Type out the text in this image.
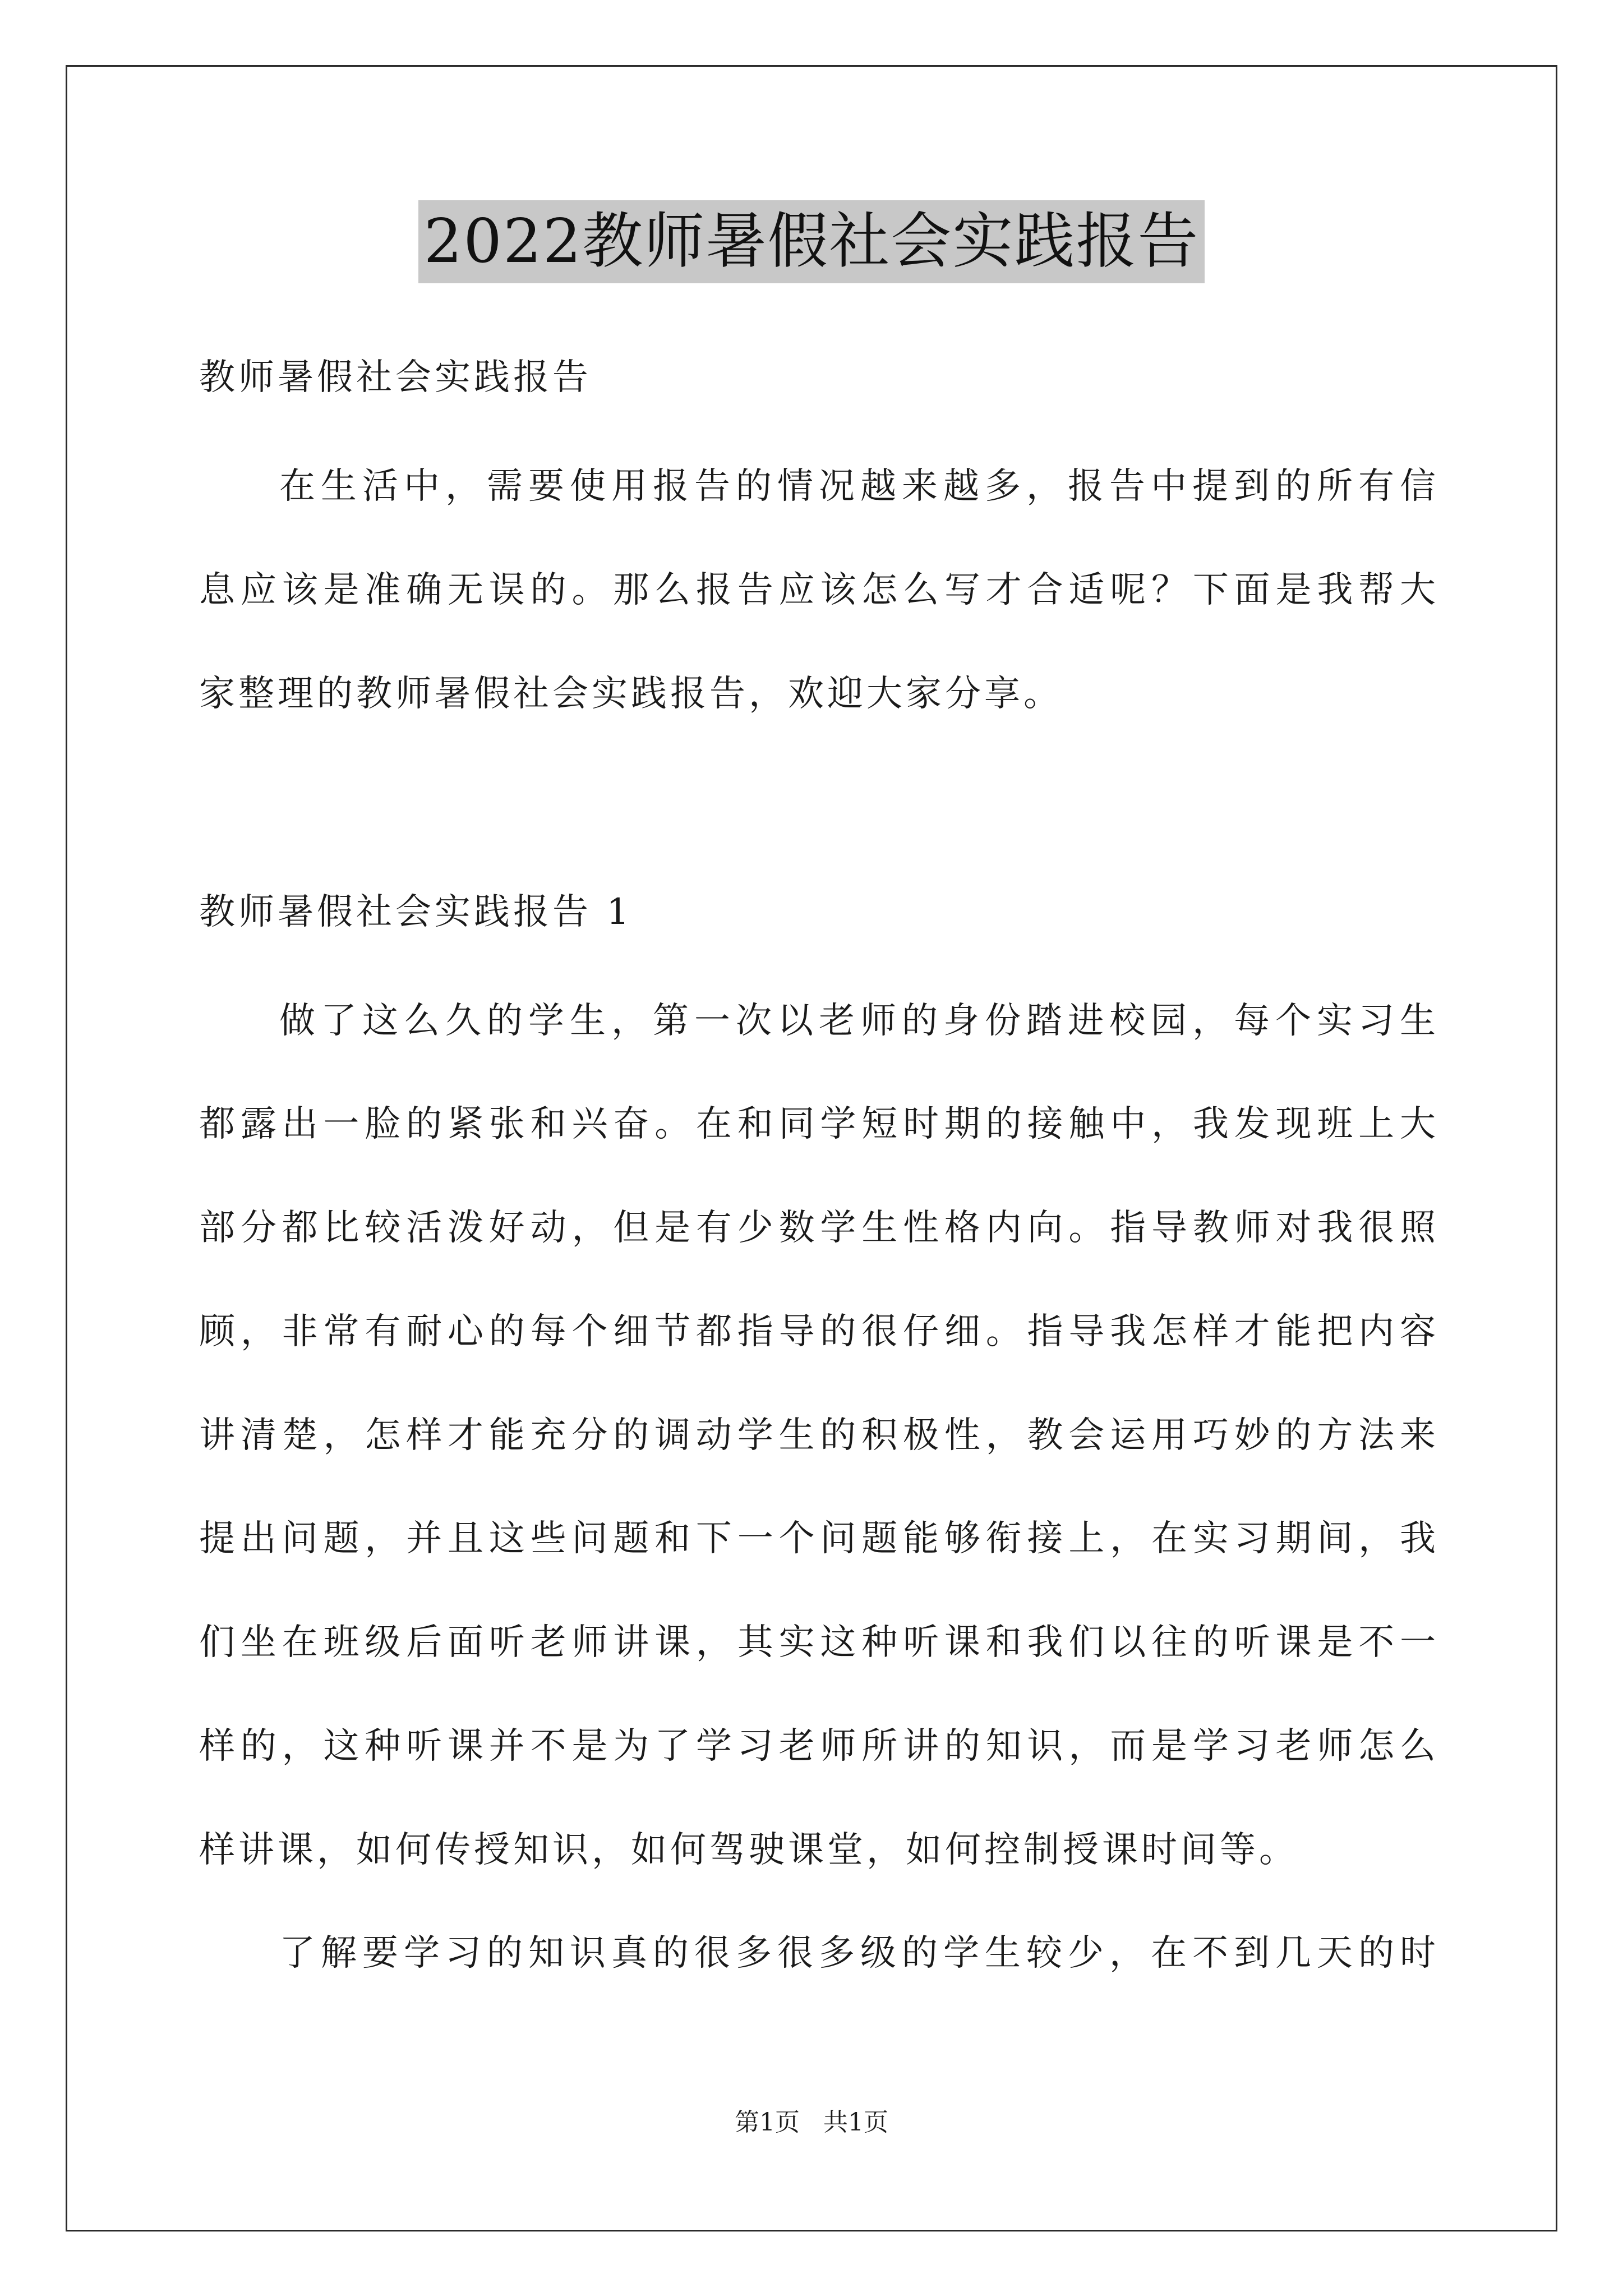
2022教师暑假社会实践报告
教师暑假社会实践报告
在生活中，需要使用报告的情况越来越多，报告中提到的所有信
息应该是准确无误的。那么报告应该怎么写才合适呢？下面是我帮大
家整理的教师暑假社会实践报告，欢迎大家分享。
教师暑假社会实践报告 1
做了这么久的学生，第一次以老师的身份踏进校园，每个实习生
都露出一脸的紧张和兴奋。在和同学短时期的接触中，我发现班上大
部分都比较活泼好动，但是有少数学生性格内向。指导教师对我很照
顾，非常有耐心的每个细节都指导的很仔细。指导我怎样才能把内容
讲清楚，怎样才能充分的调动学生的积极性，教会运用巧妙的方法来
提出问题，并且这些问题和下一个问题能够衔接上，在实习期间，我
们坐在班级后面听老师讲课，其实这种听课和我们以往的听课是不一
样的，这种听课并不是为了学习老师所讲的知识，而是学习老师怎么
样讲课，如何传授知识，如何驾驶课堂，如何控制授课时间等。
了解要学习的知识真的很多很多级的学生较少，在不到几天的时
第1页 共1页
